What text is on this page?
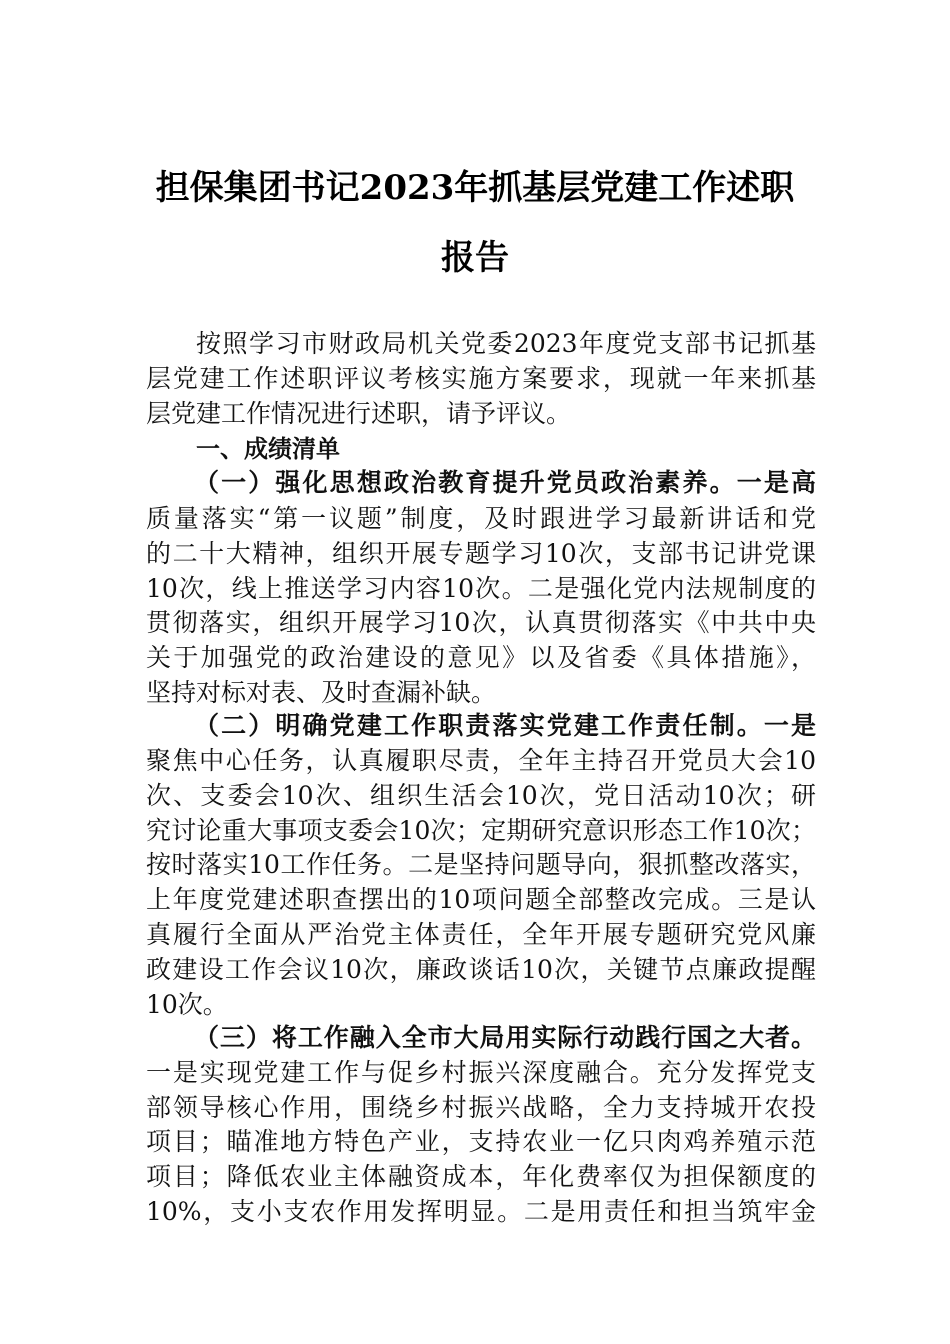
担保集团书记2023年抓基层党建工作述职
报告
按照学习市财政局机关党委2023年度党支部书记抓基
层党建工作述职评议考核实施方案要求，现就一年来抓基
层党建工作情况进行述职，请予评议。
一、成绩清单
（一）强化思想政治教育提升党员政治素养。一是高
质量落实“第一议题”制度，及时跟进学习最新讲话和党
的二十大精神，组织开展专题学习10次，支部书记讲党课
10次，线上推送学习内容10次。二是强化党内法规制度的
贯彻落实，组织开展学习10次，认真贯彻落实《中共中央
关于加强党的政治建设的意见》以及省委《具体措施》，
坚持对标对表、及时查漏补缺。
（二）明确党建工作职责落实党建工作责任制。一是
聚焦中心任务，认真履职尽责，全年主持召开党员大会10
次、支委会10次、组织生活会10次，党日活动10次；研
究讨论重大事项支委会10次；定期研究意识形态工作10次；
按时落实10工作任务。二是坚持问题导向，狠抓整改落实，
上年度党建述职查摆出的10项问题全部整改完成。三是认
真履行全面从严治党主体责任，全年开展专题研究党风廉
政建设工作会议10次，廉政谈话10次，关键节点廉政提醒
10次。
（三）将工作融入全市大局用实际行动践行国之大者。
一是实现党建工作与促乡村振兴深度融合。充分发挥党支
部领导核心作用，围绕乡村振兴战略，全力支持城开农投
项目；瞄准地方特色产业，支持农业一亿只肉鸡养殖示范
项目；降低农业主体融资成本，年化费率仅为担保额度的
10%，支小支农作用发挥明显。二是用责任和担当筑牢金
